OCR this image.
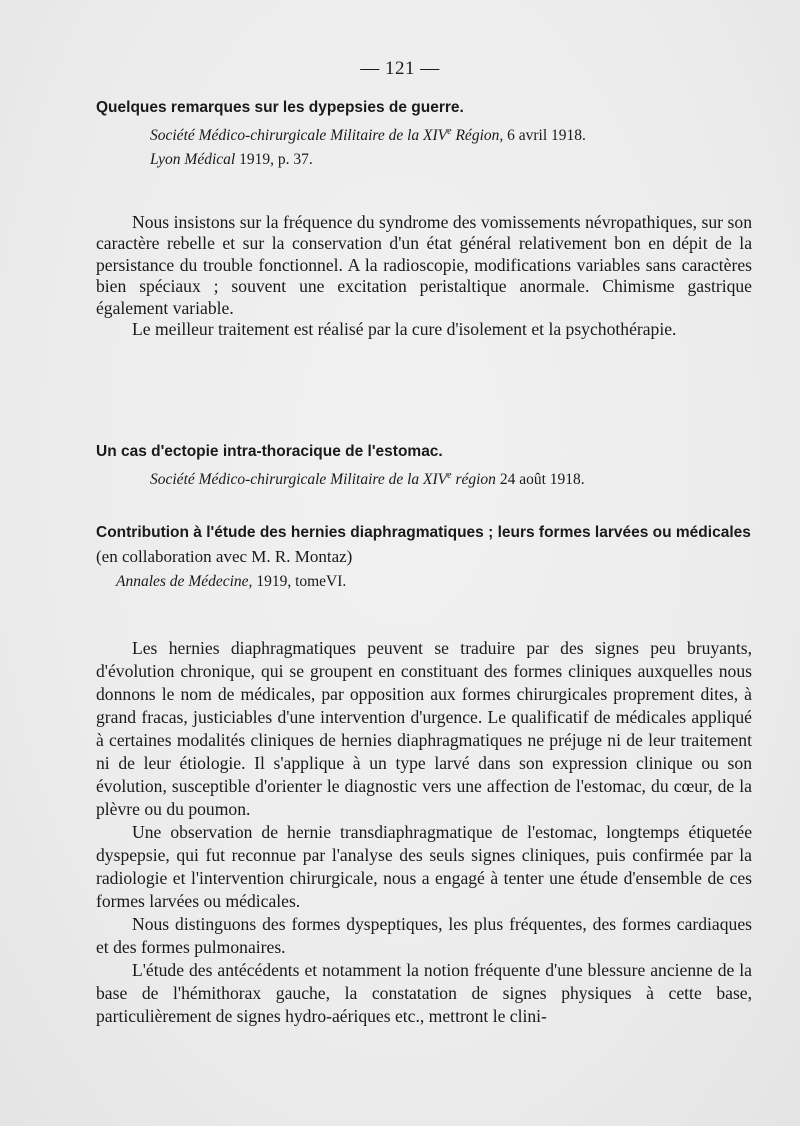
— 121 —

Quelques remarques sur les dypepsies de guerre.

Société Médico-chirurgicale Militaire de la XIVe Région, 6 avril 1918.

Lyon Médical 1919, p. 37.

Nous insistons sur la fréquence du syndrome des vomissements névropathiques, sur son caractère rebelle et sur la conservation d'un état général relativement bon en dépit de la persistance du trouble fonctionnel. A la radioscopie, modifications variables sans caractères bien spéciaux ; souvent une excitation peristaltique anormale. Chimisme gastrique également variable.

Le meilleur traitement est réalisé par la cure d'isolement et la psychothérapie.

Un cas d'ectopie intra-thoracique de l'estomac.

Société Médico-chirurgicale Militaire de la XIVe région 24 août 1918.

Contribution à l'étude des hernies diaphragmatiques ; leurs formes larvées ou médicales (en collaboration avec M. R. Montaz)

Annales de Médecine, 1919, tomeVI.

Les hernies diaphragmatiques peuvent se traduire par des signes peu bruyants, d'évolution chronique, qui se groupent en constituant des formes cliniques auxquelles nous donnons le nom de médicales, par opposition aux formes chirurgicales proprement dites, à grand fracas, justiciables d'une intervention d'urgence. Le qualificatif de médicales appliqué à certaines modalités cliniques de hernies diaphragmatiques ne préjuge ni de leur traitement ni de leur étiologie. Il s'applique à un type larvé dans son expression clinique ou son évolution, susceptible d'orienter le diagnostic vers une affection de l'estomac, du cœur, de la plèvre ou du poumon.

Une observation de hernie transdiaphragmatique de l'estomac, longtemps étiquetée dyspepsie, qui fut reconnue par l'analyse des seuls signes cliniques, puis confirmée par la radiologie et l'intervention chirurgicale, nous a engagé à tenter une étude d'ensemble de ces formes larvées ou médicales.

Nous distinguons des formes dyspeptiques, les plus fréquentes, des formes cardiaques et des formes pulmonaires.

L'étude des antécédents et notamment la notion fréquente d'une blessure ancienne de la base de l'hémithorax gauche, la constatation de signes physiques à cette base, particulièrement de signes hydro-aériques etc., mettront le clini-
